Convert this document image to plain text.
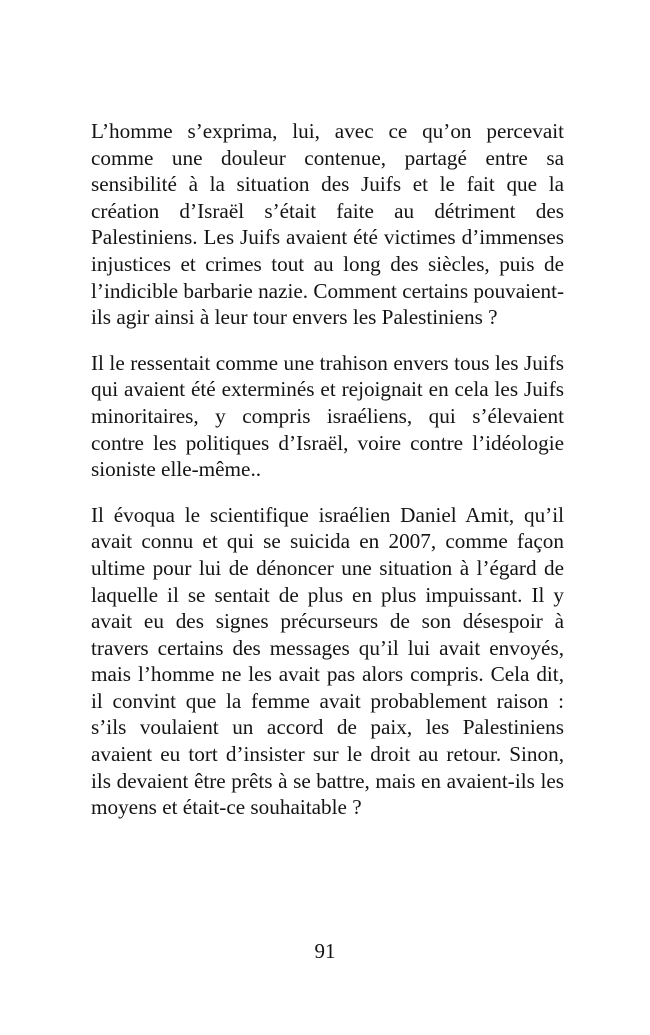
L’homme s’exprima, lui, avec ce qu’on percevait comme une douleur contenue, partagé entre sa sensibilité à la situation des Juifs et le fait que la création d’Israël s’était faite au détriment des Palestiniens. Les Juifs avaient été victimes d’immenses injustices et crimes tout au long des siècles, puis de l’indicible barbarie nazie. Comment certains pouvaient-ils agir ainsi à leur tour envers les Palestiniens ?

Il le ressentait comme une trahison envers tous les Juifs qui avaient été exterminés et rejoignait en cela les Juifs minoritaires, y compris israéliens, qui s’élevaient contre les politiques d’Israël, voire contre l’idéologie sioniste elle-même..

Il évoqua le scientifique israélien Daniel Amit, qu’il avait connu et qui se suicida en 2007, comme façon ultime pour lui de dénoncer une situation à l’égard de laquelle il se sentait de plus en plus impuissant. Il y avait eu des signes précurseurs de son désespoir à travers certains des messages qu’il lui avait envoyés, mais l’homme ne les avait pas alors compris. Cela dit, il convint que la femme avait probablement raison : s’ils voulaient un accord de paix, les Palestiniens avaient eu tort d’insister sur le droit au retour. Sinon, ils devaient être prêts à se battre, mais en avaient-ils les moyens et était-ce souhaitable ?

91
